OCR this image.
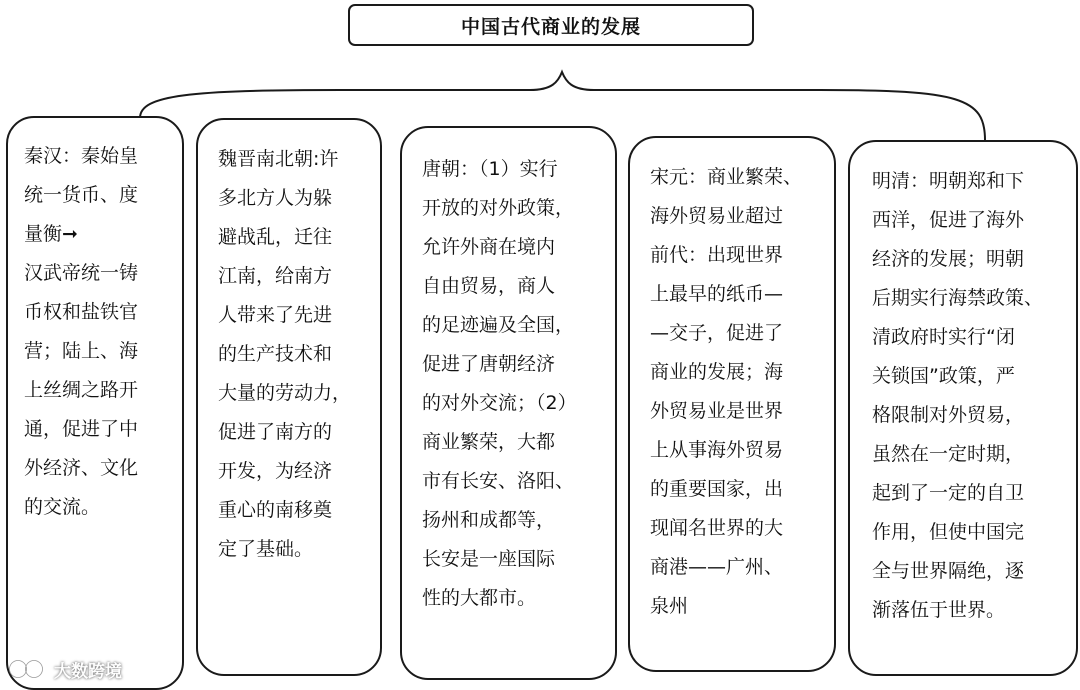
中国古代商业的发展

秦汉：秦始皇

统一货币、度

量衡➞

汉武帝统一铸

币权和盐铁官

营；陆上、海

上丝绸之路开

通，促进了中

外经济、文化

的交流。

魏晋南北朝:许

多北方人为躲

避战乱，迁往

江南，给南方

人带来了先进

的生产技术和

大量的劳动力，

促进了南方的

开发，为经济

重心的南移奠

定了基础。

唐朝：（1）实行

开放的对外政策，

允许外商在境内

自由贸易，商人

的足迹遍及全国，

促进了唐朝经济

的对外交流；（2）

商业繁荣，大都

市有长安、洛阳、

扬州和成都等，

长安是一座国际

性的大都市。

宋元：商业繁荣、

海外贸易业超过

前代：出现世界

上最早的纸币—

—交子，促进了

商业的发展；海

外贸易业是世界

上从事海外贸易

的重要国家，出

现闻名世界的大

商港——广州、

泉州

明清：明朝郑和下

西洋，促进了海外

经济的发展；明朝

后期实行海禁政策、

清政府时实行“闭

关锁国”政策，严

格限制对外贸易，

虽然在一定时期，

起到了一定的自卫

作用，但使中国完

全与世界隔绝，逐

渐落伍于世界。

大数跨境
